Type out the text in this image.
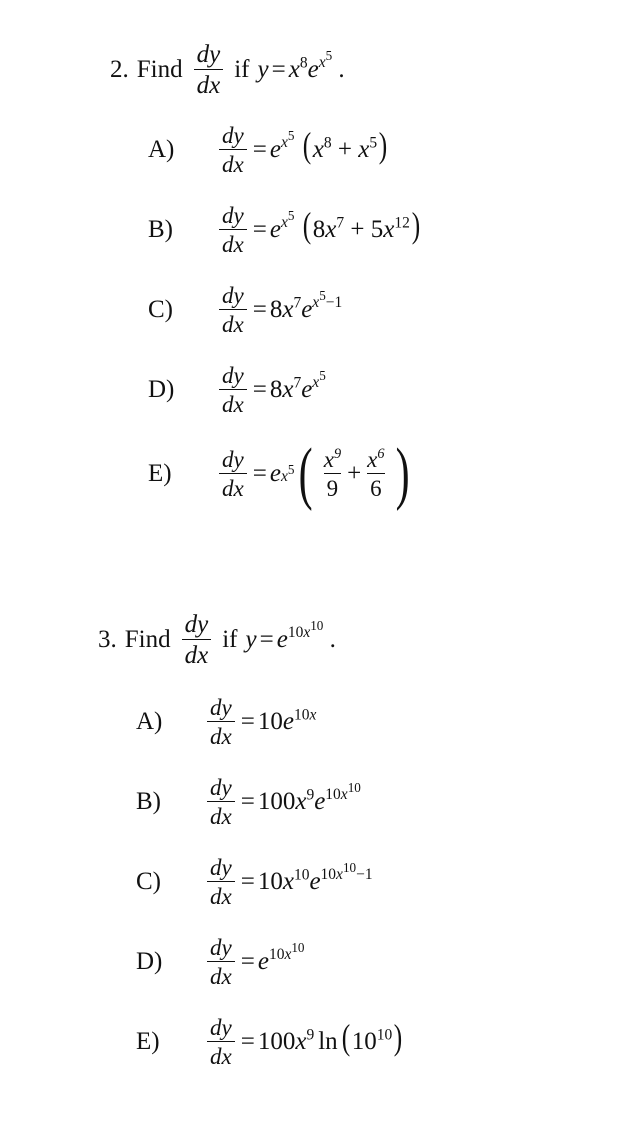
2. Find $\frac{dy}{dx}$ if $y = x^8e^{x^5}$ .
A)	$\frac{dy}{dx} = e^{x^5}$ $(x^8 + x^5)$
B)	$\frac{dy}{dx} = e^{x^5}$ $(8x^7 + 5x^{12})$
C)	$\frac{dy}{dx} = 8x^7e^{x^5-1}$
D)	$\frac{dy}{dx} = 8x^7e^{x^5}$
E)	$\frac{dy}{dx} = e$ $x^5$ ( $\frac{x^9}{9} + \frac{x^6}{6}$ )
3. Find $\frac{dy}{dx}$ if $y = e^{10x^{10}}$ .
A)	$\frac{dy}{dx} = 10e^{10x}$
B)	$\frac{dy}{dx} = 100x^9e^{10x^{10}}$
C)	$\frac{dy}{dx} = 10x^{10}e^{10x^{10}-1}$
D)	$\frac{dy}{dx} = e^{10x^{10}}$
E)	$\frac{dy}{dx} = 100x^9$ $\ln (10^{10})$
